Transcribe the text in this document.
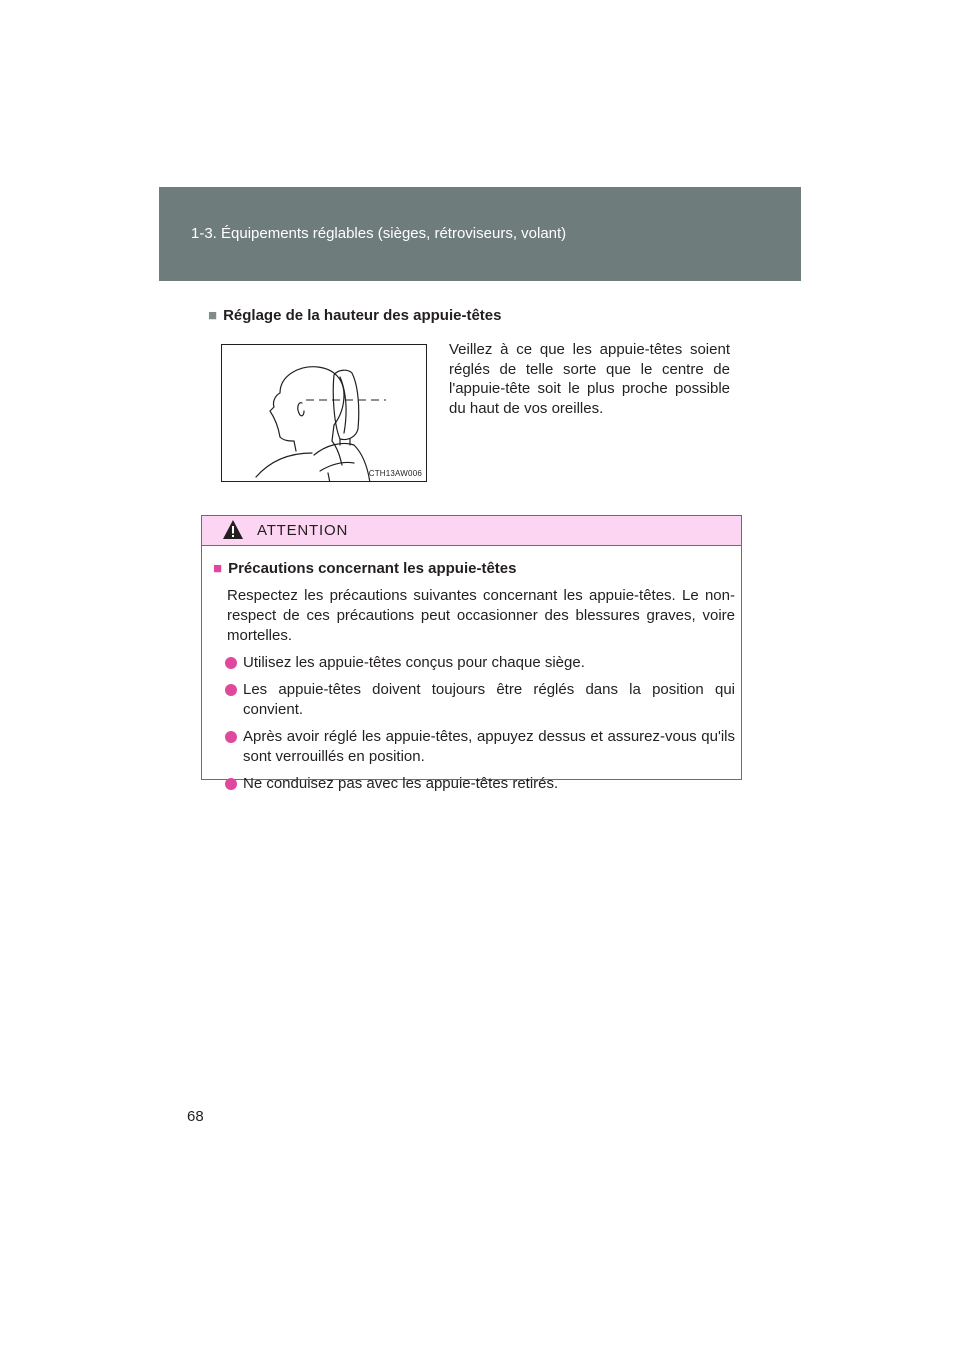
1-3. Équipements réglables (sièges, rétroviseurs, volant)
■ Réglage de la hauteur des appuie-têtes
CTH13AW006
Veillez à ce que les appuie-têtes soient réglés de telle sorte que le centre de l'appuie-tête soit le plus proche possible du haut de vos oreilles.
ATTENTION
■ Précautions concernant les appuie-têtes
Respectez les précautions suivantes concernant les appuie-têtes. Le non-respect de ces précautions peut occasionner des blessures graves, voire mortelles.
Utilisez les appuie-têtes conçus pour chaque siège.
Les appuie-têtes doivent toujours être réglés dans la position qui convient.
Après avoir réglé les appuie-têtes, appuyez dessus et assurez-vous qu'ils sont verrouillés en position.
Ne conduisez pas avec les appuie-têtes retirés.
68
